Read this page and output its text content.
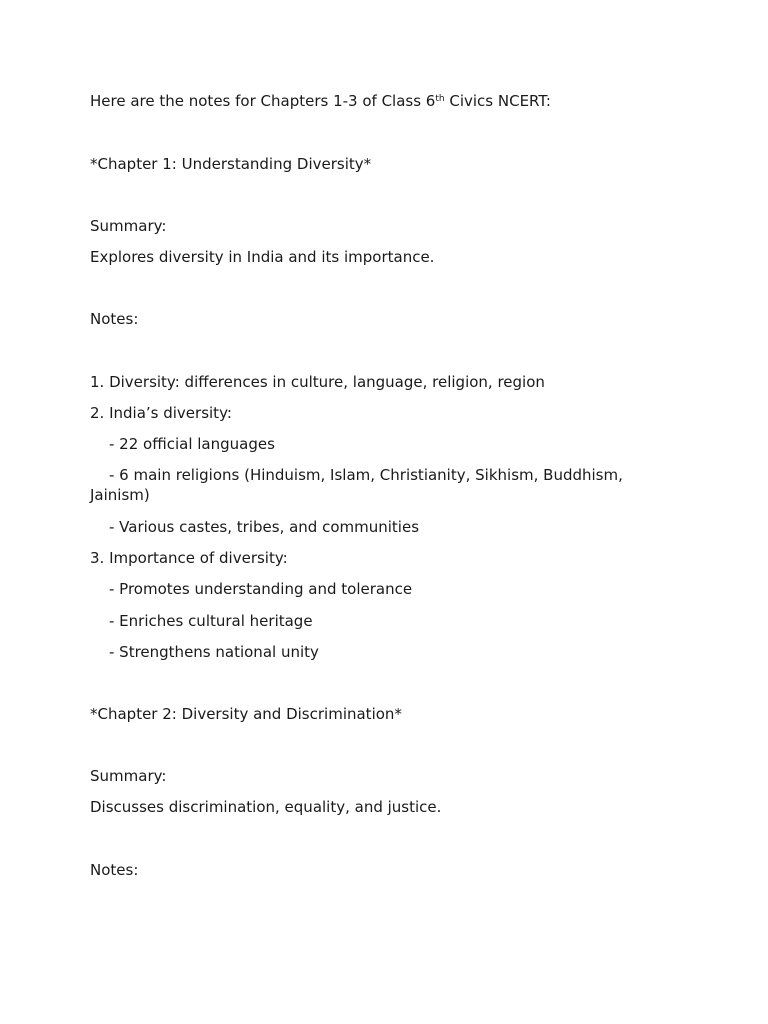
Here are the notes for Chapters 1-3 of Class 6th Civics NCERT:
*Chapter 1: Understanding Diversity*
Summary:
Explores diversity in India and its importance.
Notes:
1. Diversity: differences in culture, language, religion, region
2. India’s diversity:
- 22 official languages
- 6 main religions (Hinduism, Islam, Christianity, Sikhism, Buddhism, Jainism)
- Various castes, tribes, and communities
3. Importance of diversity:
- Promotes understanding and tolerance
- Enriches cultural heritage
- Strengthens national unity
*Chapter 2: Diversity and Discrimination*
Summary:
Discusses discrimination, equality, and justice.
Notes:
